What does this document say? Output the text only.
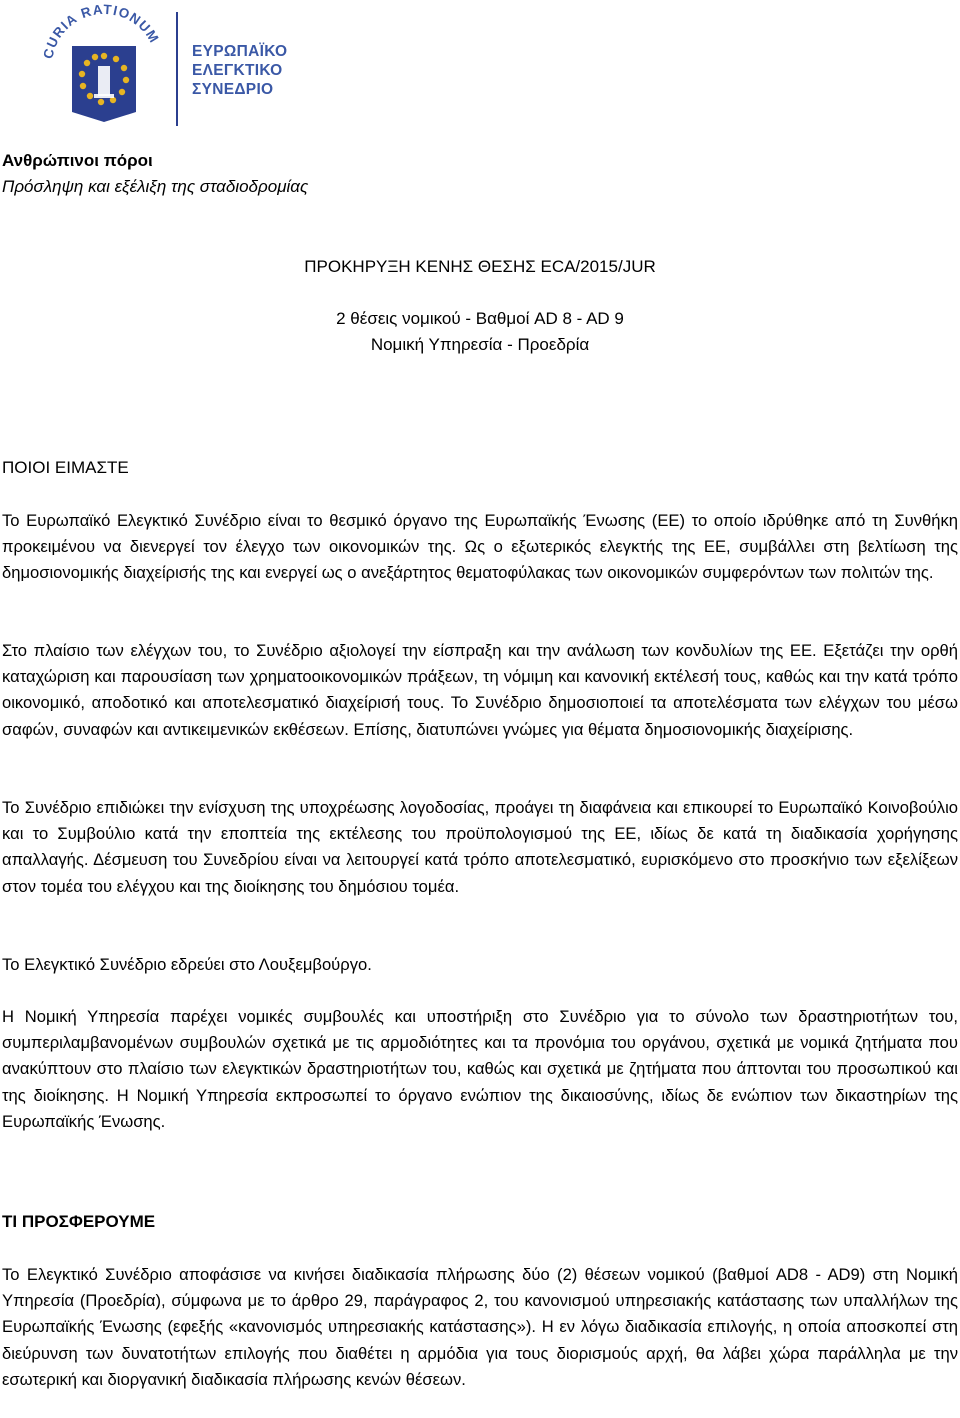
CURIA RATIONUM
ΕΥΡΩΠΑΪΚΟ
ΕΛΕΓΚΤΙΚΟ
ΣΥΝΕΔΡΙΟ
Ανθρώπινοι πόροι
Πρόσληψη και εξέλιξη της σταδιοδρομίας
ΠΡΟΚΗΡΥΞΗ ΚΕΝΗΣ ΘΕΣΗΣ ECA/2015/JUR
2 θέσεις νομικού - Βαθμοί AD 8 - AD 9
Νομική Υπηρεσία - Προεδρία
ΠΟΙΟΙ ΕΙΜΑΣΤΕ
Το Ευρωπαϊκό Ελεγκτικό Συνέδριο είναι το θεσμικό όργανο της Ευρωπαϊκής Ένωσης (ΕΕ) το οποίο ιδρύθηκε από τη Συνθήκη προκειμένου να διενεργεί τον έλεγχο των οικονομικών της. Ως ο εξωτερικός ελεγκτής της ΕΕ, συμβάλλει στη βελτίωση της δημοσιονομικής διαχείρισής της και ενεργεί ως ο ανεξάρτητος θεματοφύλακας των οικονομικών συμφερόντων των πολιτών της.
Στο πλαίσιο των ελέγχων του, το Συνέδριο αξιολογεί την είσπραξη και την ανάλωση των κονδυλίων της ΕΕ. Εξετάζει την ορθή καταχώριση και παρουσίαση των χρηματοοικονομικών πράξεων, τη νόμιμη και κανονική εκτέλεσή τους, καθώς και την κατά τρόπο οικονομικό, αποδοτικό και αποτελεσματικό διαχείρισή τους. Το Συνέδριο δημοσιοποιεί τα αποτελέσματα των ελέγχων του μέσω σαφών, συναφών και αντικειμενικών εκθέσεων. Επίσης, διατυπώνει γνώμες για θέματα δημοσιονομικής διαχείρισης.
Το Συνέδριο επιδιώκει την ενίσχυση της υποχρέωσης λογοδοσίας, προάγει τη διαφάνεια και επικουρεί το Ευρωπαϊκό Κοινοβούλιο και το Συμβούλιο κατά την εποπτεία της εκτέλεσης του προϋπολογισμού της ΕΕ, ιδίως δε κατά τη διαδικασία χορήγησης απαλλαγής. Δέσμευση του Συνεδρίου είναι να λειτουργεί κατά τρόπο αποτελεσματικό, ευρισκόμενο στο προσκήνιο των εξελίξεων στον τομέα του ελέγχου και της διοίκησης του δημόσιου τομέα.
Το Ελεγκτικό Συνέδριο εδρεύει στο Λουξεμβούργο.
Η Νομική Υπηρεσία παρέχει νομικές συμβουλές και υποστήριξη στο Συνέδριο για το σύνολο των δραστηριοτήτων του, συμπεριλαμβανομένων συμβουλών σχετικά με τις αρμοδιότητες και τα προνόμια του οργάνου, σχετικά με νομικά ζητήματα που ανακύπτουν στο πλαίσιο των ελεγκτικών δραστηριοτήτων του, καθώς και σχετικά με ζητήματα που άπτονται του προσωπικού και της διοίκησης. Η Νομική Υπηρεσία εκπροσωπεί το όργανο ενώπιον της δικαιοσύνης, ιδίως δε ενώπιον των δικαστηρίων της Ευρωπαϊκής Ένωσης.
ΤΙ ΠΡΟΣΦΕΡΟΥΜΕ
Το Ελεγκτικό Συνέδριο αποφάσισε να κινήσει διαδικασία πλήρωσης δύο (2) θέσεων νομικού (βαθμοί AD8 - AD9) στη Νομική Υπηρεσία (Προεδρία), σύμφωνα με το άρθρο 29, παράγραφος 2, του κανονισμού υπηρεσιακής κατάστασης των υπαλλήλων της Ευρωπαϊκής Ένωσης (εφεξής «κανονισμός υπηρεσιακής κατάστασης»). Η εν λόγω διαδικασία επιλογής, η οποία αποσκοπεί στη διεύρυνση των δυνατοτήτων επιλογής που διαθέτει η αρμόδια για τους διορισμούς αρχή, θα λάβει χώρα παράλληλα με την εσωτερική και διοργανική διαδικασία πλήρωσης κενών θέσεων.
